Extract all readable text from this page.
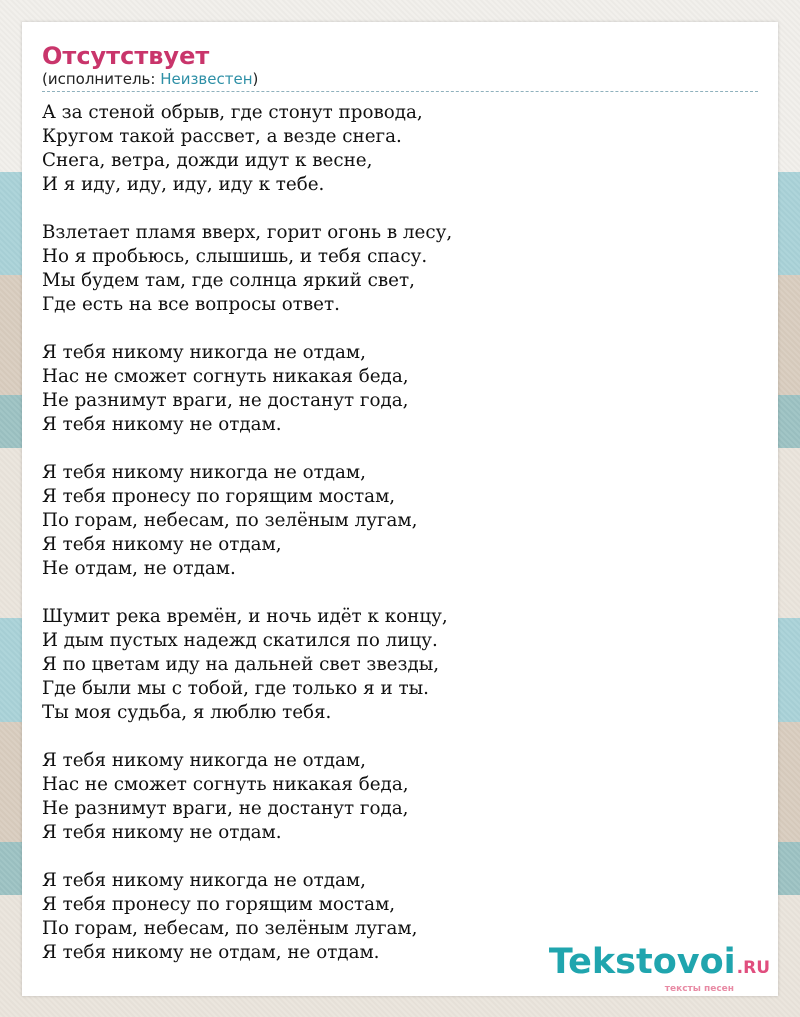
Отсутствует
(исполнитель: Неизвестен)
А за стеной обрыв, где стонут провода,
Кругом такой рассвет, а везде снега.
Снега, ветра, дожди идут к весне,
И я иду, иду, иду, иду к тебе.
Взлетает пламя вверх, горит огонь в лесу,
Но я пробьюсь, слышишь, и тебя спасу.
Мы будем там, где солнца яркий свет,
Где есть на все вопросы ответ.
Я тебя никому никогда не отдам,
Нас не сможет согнуть никакая беда,
Не разнимут враги, не достанут года,
Я тебя никому не отдам.
Я тебя никому никогда не отдам,
Я тебя пронесу по горящим мостам,
По горам, небесам, по зелёным лугам,
Я тебя никому не отдам,
Не отдам, не отдам.
Шумит река времён, и ночь идёт к концу,
И дым пустых надежд скатился по лицу.
Я по цветам иду на дальней свет звезды,
Где были мы с тобой, где только я и ты.
Ты моя судьба, я люблю тебя.
Я тебя никому никогда не отдам,
Нас не сможет согнуть никакая беда,
Не разнимут враги, не достанут года,
Я тебя никому не отдам.
Я тебя никому никогда не отдам,
Я тебя пронесу по горящим мостам,
По горам, небесам, по зелёным лугам,
Я тебя никому не отдам, не отдам.	Tekstovoi.RU
тексты песен
